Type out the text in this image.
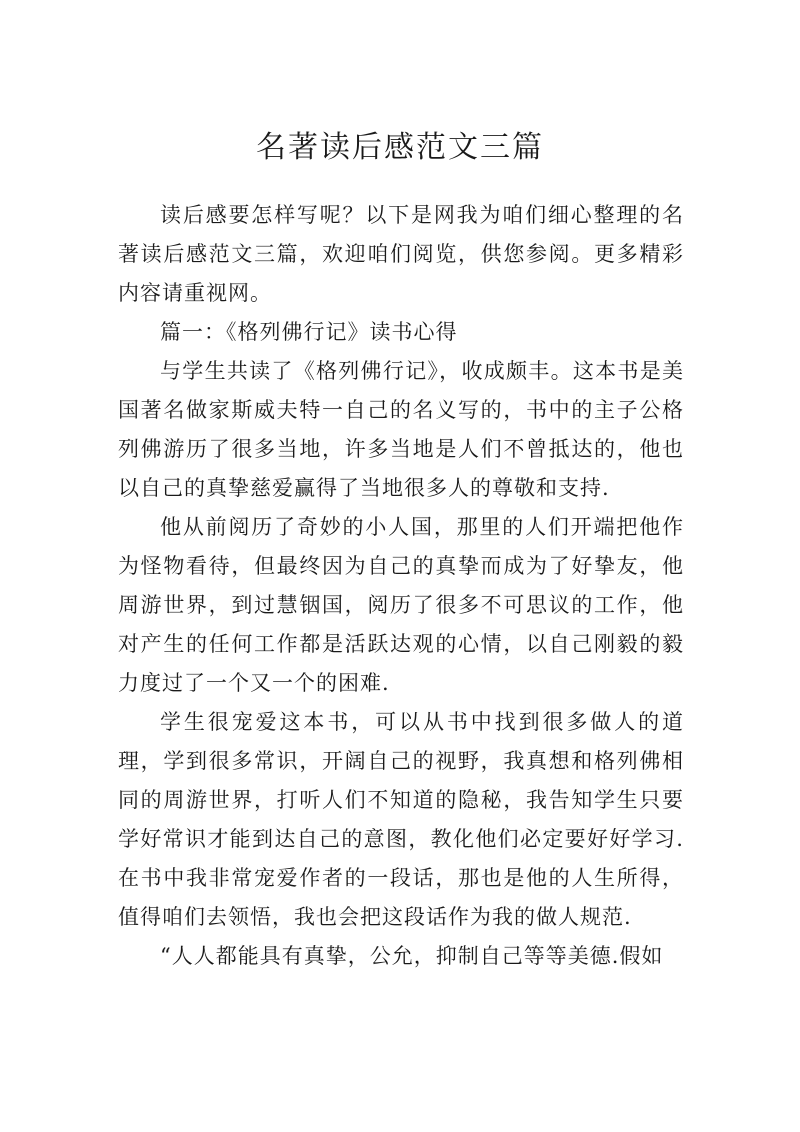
名著读后感范文三篇

读后感要怎样写呢？以下是网我为咱们细心整理的名著读后感范文三篇，欢迎咱们阅览，供您参阅。更多精彩内容请重视网。

篇一：《格列佛行记》读书心得

与学生共读了《格列佛行记》，收成颇丰。这本书是美国著名做家斯威夫特一自己的名义写的，书中的主子公格列佛游历了很多当地，许多当地是人们不曾抵达的，他也以自己的真挚慈爱赢得了当地很多人的尊敬和支持.

他从前阅历了奇妙的小人国，那里的人们开端把他作为怪物看待，但最终因为自己的真挚而成为了好挚友，他周游世界，到过慧铟国，阅历了很多不可思议的工作，他对产生的任何工作都是活跃达观的心情，以自己刚毅的毅力度过了一个又一个的困难.

学生很宠爱这本书，可以从书中找到很多做人的道理，学到很多常识，开阔自己的视野，我真想和格列佛相同的周游世界，打听人们不知道的隐秘，我告知学生只要学好常识才能到达自己的意图，教化他们必定要好好学习.在书中我非常宠爱作者的一段话，那也是他的人生所得，值得咱们去领悟，我也会把这段话作为我的做人规范.

“人人都能具有真挚，公允，抑制自己等等美德.假如
